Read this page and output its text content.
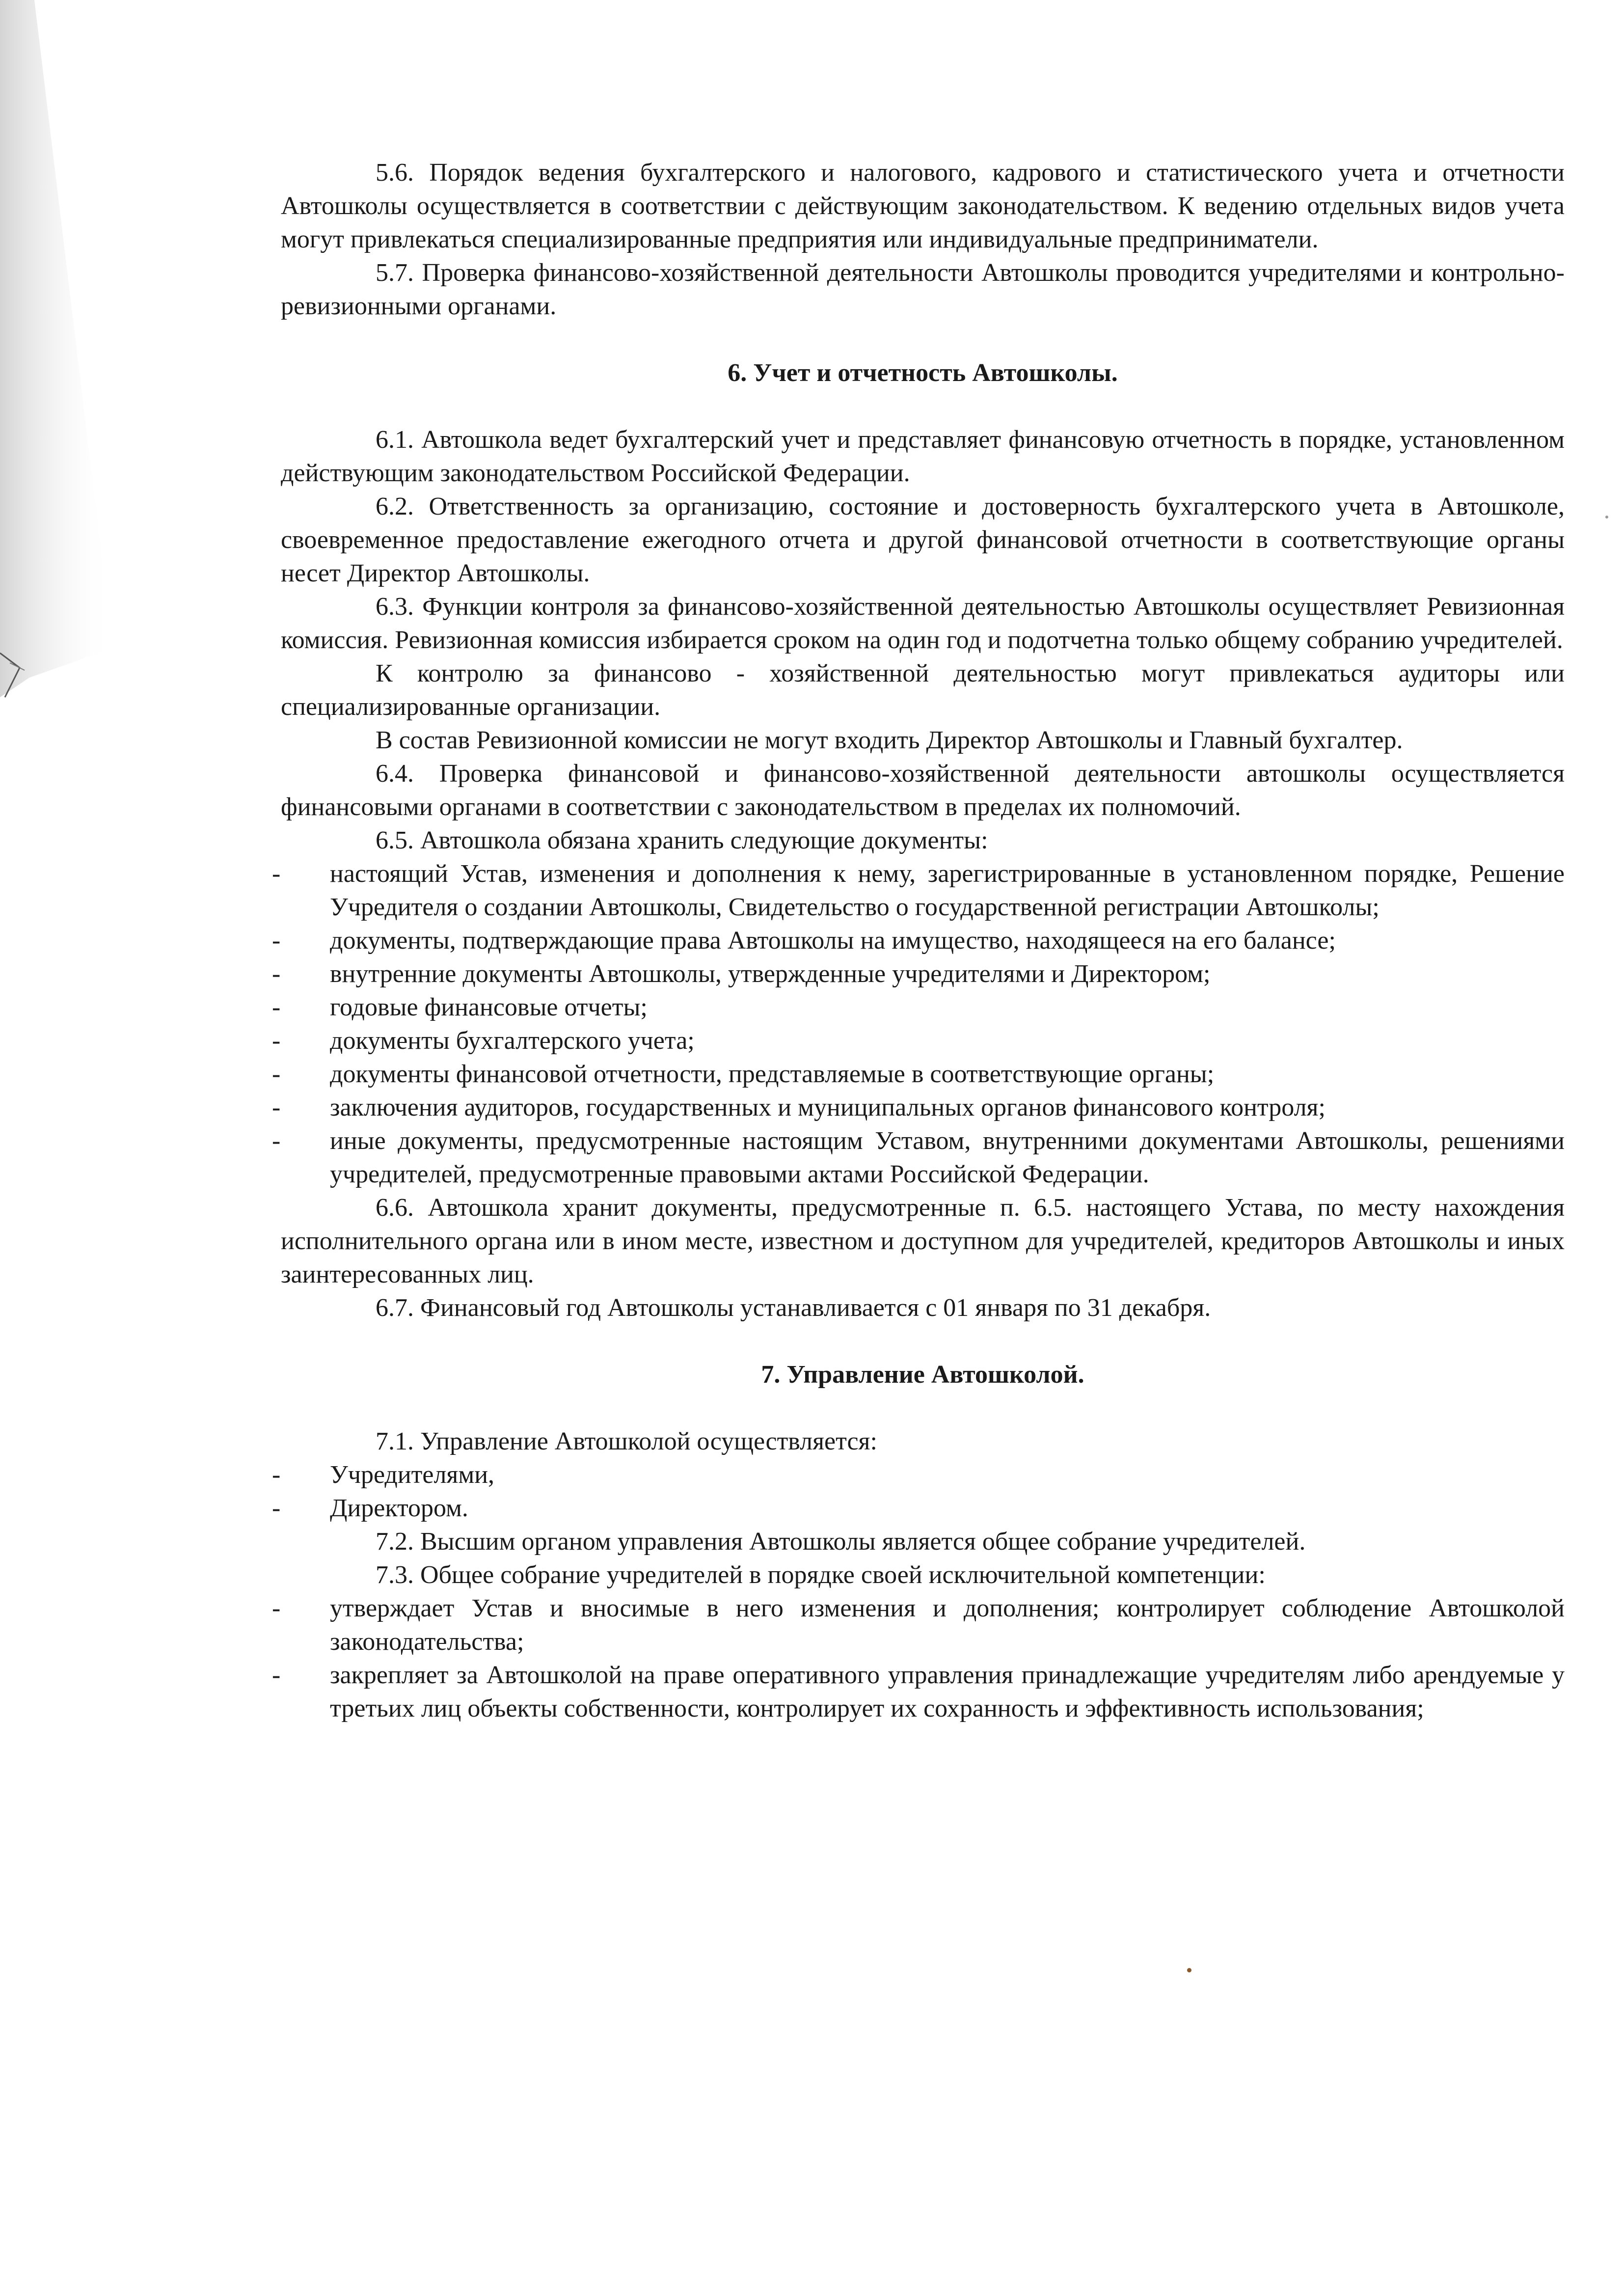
5.6. Порядок ведения бухгалтерского и налогового, кадрового и статистического учета и отчетности Автошколы осуществляется в соответствии с действующим законодательством. К ведению отдельных видов учета могут привлекаться специализированные предприятия или индивидуальные предприниматели.

5.7. Проверка финансово-хозяйственной деятельности Автошколы проводится учредителями и контрольно-ревизионными органами.

6. Учет и отчетность Автошколы.

6.1. Автошкола ведет бухгалтерский учет и представляет финансовую отчетность в порядке, установленном действующим законодательством Российской Федерации.

6.2. Ответственность за организацию, состояние и достоверность бухгалтерского учета в Автошколе, своевременное предоставление ежегодного отчета и другой финансовой отчетности в соответствующие органы несет Директор Автошколы.

6.3. Функции контроля за финансово-хозяйственной деятельностью Автошколы осуществляет Ревизионная комиссия. Ревизионная комиссия избирается сроком на один год и подотчетна только общему собранию учредителей.

К контролю за финансово - хозяйственной деятельностью могут привлекаться аудиторы или специализированные организации.

В состав Ревизионной комиссии не могут входить Директор Автошколы и Главный бухгалтер.

6.4. Проверка финансовой и финансово-хозяйственной деятельности автошколы осуществляется финансовыми органами в соответствии с законодательством в пределах их полномочий.

6.5. Автошкола обязана хранить следующие документы:

- настоящий Устав, изменения и дополнения к нему, зарегистрированные в установленном порядке, Решение Учредителя о создании Автошколы, Свидетельство о государственной регистрации Автошколы;

- документы, подтверждающие права Автошколы на имущество, находящееся на его балансе;

- внутренние документы Автошколы, утвержденные учредителями и Директором;

- годовые финансовые отчеты;

- документы бухгалтерского учета;

- документы финансовой отчетности, представляемые в соответствующие органы;

- заключения аудиторов, государственных и муниципальных органов финансового контроля;

- иные документы, предусмотренные настоящим Уставом, внутренними документами Автошколы, решениями учредителей, предусмотренные правовыми актами Российской Федерации.

6.6. Автошкола хранит документы, предусмотренные п. 6.5. настоящего Устава, по месту нахождения исполнительного органа или в ином месте, известном и доступном для учредителей, кредиторов Автошколы и иных заинтересованных лиц.

6.7. Финансовый год Автошколы устанавливается с 01 января по 31 декабря.

7. Управление Автошколой.

7.1. Управление Автошколой осуществляется:

- Учредителями,

- Директором.

7.2. Высшим органом управления Автошколы является общее собрание учредителей.

7.3. Общее собрание учредителей в порядке своей исключительной компетенции:

- утверждает Устав и вносимые в него изменения и дополнения; контролирует соблюдение Автошколой законодательства;

- закрепляет за Автошколой на праве оперативного управления принадлежащие учредителям либо арендуемые у третьих лиц объекты собственности, контролирует их сохранность и эффективность использования;
